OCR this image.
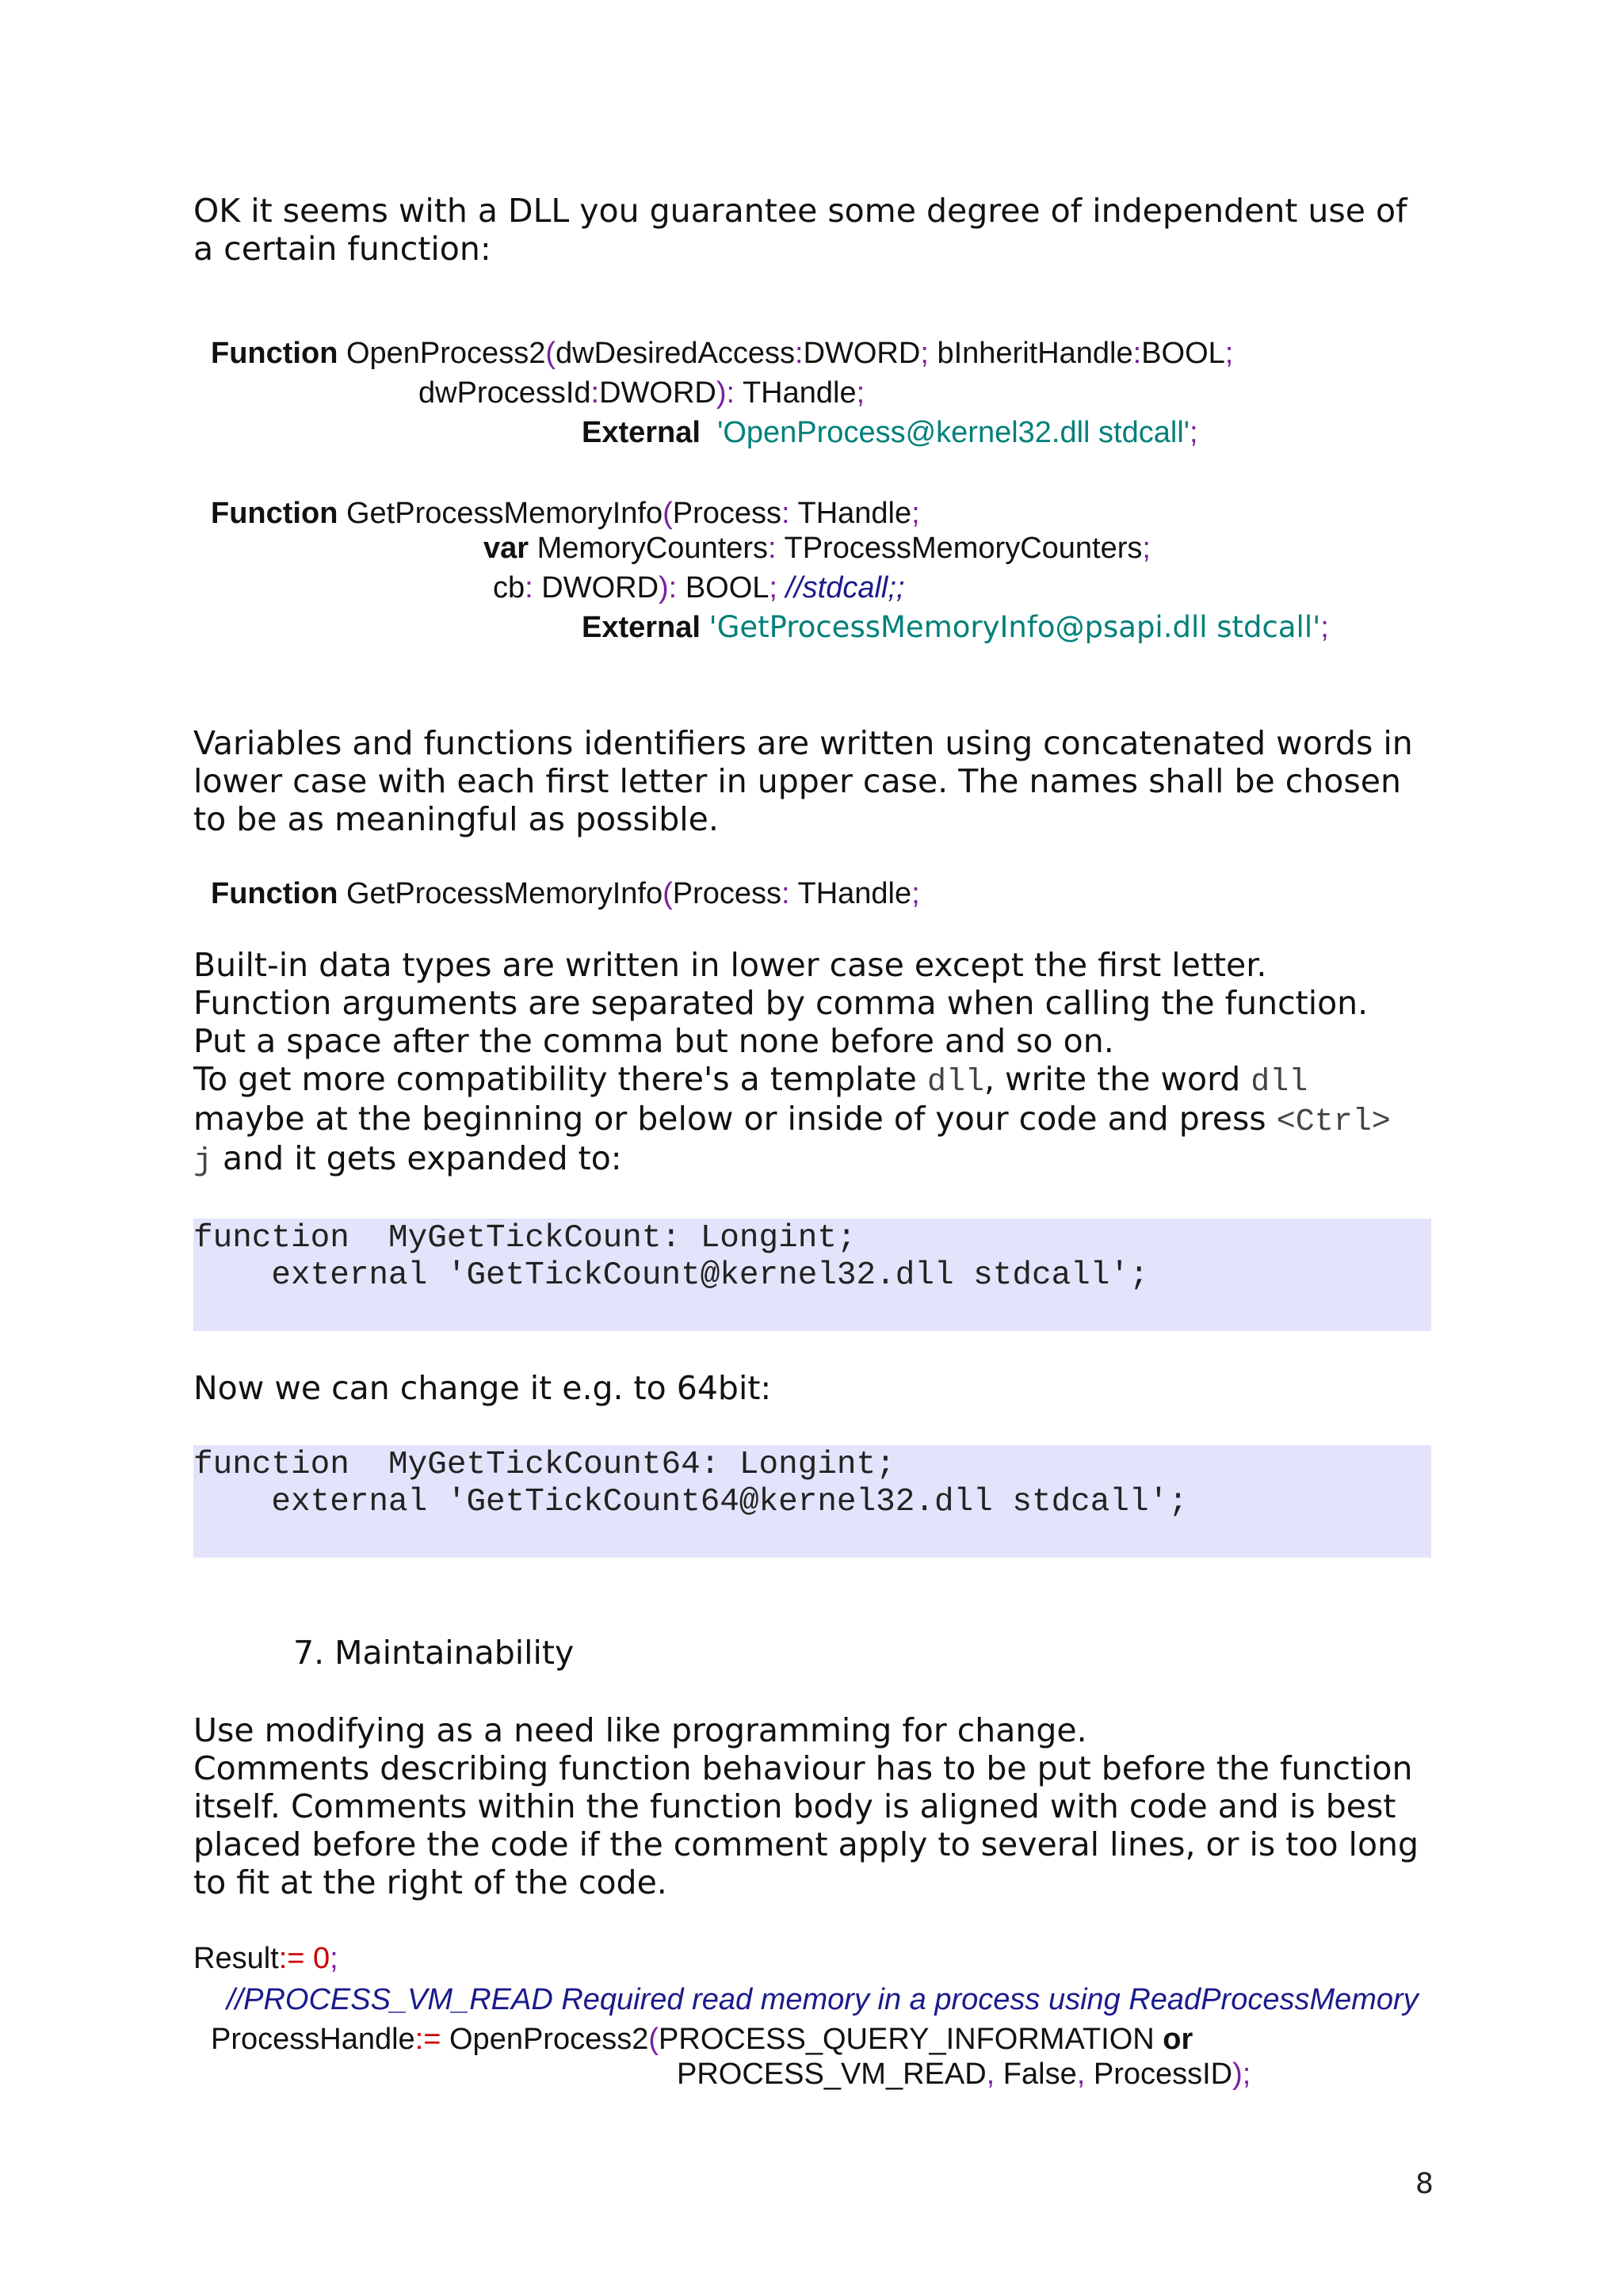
OK it seems with a DLL you guarantee some degree of independent use of
a certain function:
Function OpenProcess2(dwDesiredAccess:DWORD; bInheritHandle:BOOL;
dwProcessId:DWORD): THandle;
External 'OpenProcess@kernel32.dll stdcall';
Function GetProcessMemoryInfo(Process: THandle;
var MemoryCounters: TProcessMemoryCounters;
cb: DWORD): BOOL; //stdcall;;
External 'GetProcessMemoryInfo@psapi.dll stdcall';
Variables and functions identifiers are written using concatenated words in
lower case with each first letter in upper case. The names shall be chosen
to be as meaningful as possible.
Function GetProcessMemoryInfo(Process: THandle;
Built-in data types are written in lower case except the first letter.
Function arguments are separated by comma when calling the function.
Put a space after the comma but none before and so on.
To get more compatibility there's a template dll, write the word dll
maybe at the beginning or below or inside of your code and press <Ctrl>
j and it gets expanded to:
function  MyGetTickCount: Longint;
external 'GetTickCount@kernel32.dll stdcall';
Now we can change it e.g. to 64bit:
function  MyGetTickCount64: Longint;
external 'GetTickCount64@kernel32.dll stdcall';
7. Maintainability
Use modifying as a need like programming for change.
Comments describing function behaviour has to be put before the function
itself. Comments within the function body is aligned with code and is best
placed before the code if the comment apply to several lines, or is too long
to fit at the right of the code.
Result:= 0;
//PROCESS_VM_READ Required read memory in a process using ReadProcessMemory
ProcessHandle:= OpenProcess2(PROCESS_QUERY_INFORMATION or
PROCESS_VM_READ, False, ProcessID);
8
